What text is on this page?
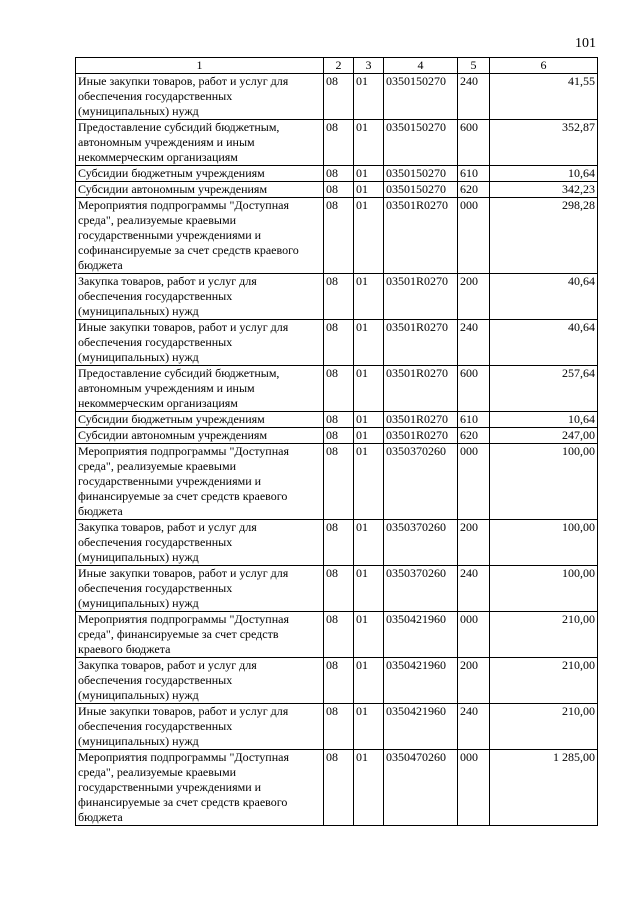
101
1	2	3	4	5	6
Иные закупки товаров, работ и услуг для обеспечения государственных (муниципальных) нужд	08	01	0350150270	240	41,55
Предоставление субсидий бюджетным, автономным учреждениям и иным некоммерческим организациям	08	01	0350150270	600	352,87
Субсидии бюджетным учреждениям	08	01	0350150270	610	10,64
Субсидии автономным учреждениям	08	01	0350150270	620	342,23
Мероприятия подпрограммы "Доступная среда", реализуемые краевыми государственными учреждениями и софинансируемые за счет средств краевого бюджета	08	01	03501R0270	000	298,28
Закупка товаров, работ и услуг для обеспечения государственных (муниципальных) нужд	08	01	03501R0270	200	40,64
Иные закупки товаров, работ и услуг для обеспечения государственных (муниципальных) нужд	08	01	03501R0270	240	40,64
Предоставление субсидий бюджетным, автономным учреждениям и иным некоммерческим организациям	08	01	03501R0270	600	257,64
Субсидии бюджетным учреждениям	08	01	03501R0270	610	10,64
Субсидии автономным учреждениям	08	01	03501R0270	620	247,00
Мероприятия подпрограммы "Доступная среда", реализуемые краевыми государственными учреждениями и финансируемые за счет средств краевого бюджета	08	01	0350370260	000	100,00
Закупка товаров, работ и услуг для обеспечения государственных (муниципальных) нужд	08	01	0350370260	200	100,00
Иные закупки товаров, работ и услуг для обеспечения государственных (муниципальных) нужд	08	01	0350370260	240	100,00
Мероприятия подпрограммы "Доступная среда", финансируемые за счет средств краевого бюджета	08	01	0350421960	000	210,00
Закупка товаров, работ и услуг для обеспечения государственных (муниципальных) нужд	08	01	0350421960	200	210,00
Иные закупки товаров, работ и услуг для обеспечения государственных (муниципальных) нужд	08	01	0350421960	240	210,00
Мероприятия подпрограммы "Доступная среда", реализуемые краевыми государственными учреждениями и финансируемые за счет средств краевого бюджета	08	01	0350470260	000	1 285,00
